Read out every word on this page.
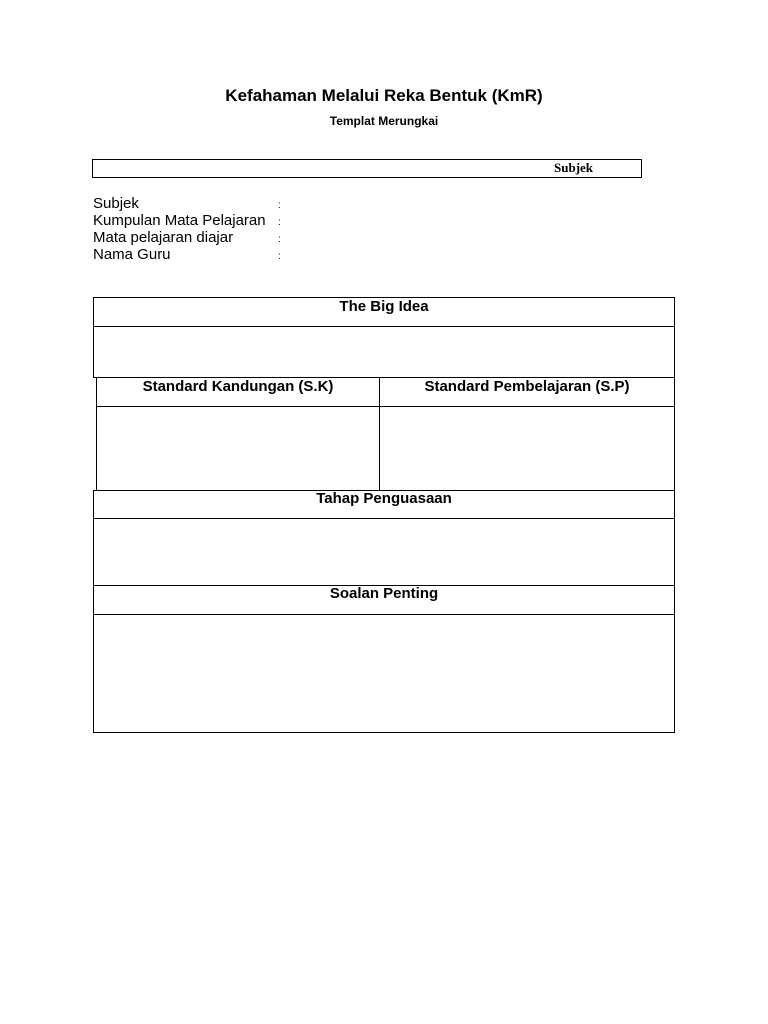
Kefahaman Melalui Reka Bentuk (KmR)
Templat Merungkai
Subjek
Subjek	:
Kumpulan Mata Pelajaran :
Mata pelajaran diajar	:
Nama Guru	:
The Big Idea
Standard Kandungan (S.K)	Standard Pembelajaran (S.P)
Tahap Penguasaan
Soalan Penting
